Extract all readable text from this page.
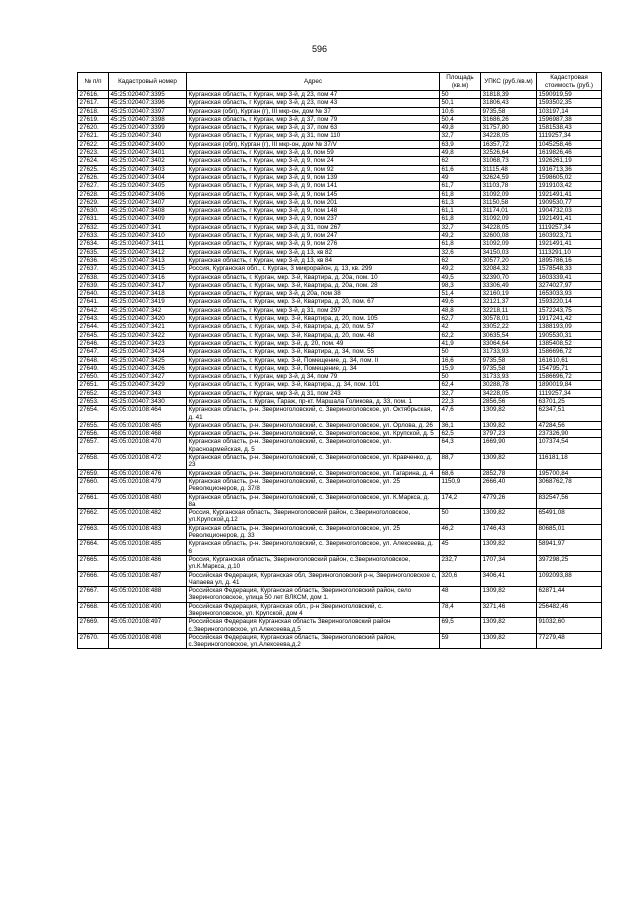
596
№ п/п	Кадастровый номер	Адрес	Площадь (кв.м)	УПКС (руб./кв.м)	Кадастровая стоимость (руб.)
27616.	45:25:020407:3395	Курганская область, г Курган, мкр 3-й, д 23, пом 47	50	31818,39	1590919,59
27617.	45:25:020407:3396	Курганская область, г Курган, мкр 3-й, д 23, пом 43	50,1	31806,43	1593502,35
27618.	45:25:020407:3397	Курганская (обл), Курган (г), III мкр-он, дом № 37	10,6	9735,58	103197,14
27619.	45:25:020407:3398	Курганская область, г Курган, мкр 3-й, д 37, пом 79	50,4	31686,26	1596987,38
27620.	45:25:020407:3399	Курганская область, г Курган, мкр 3-й, д 37, пом 63	49,8	31757,80	1581538,43
27621.	45:25:020407:340	Курганская область, г Курган, мкр 3-й, д 31, пом 110	32,7	34228,05	1119257,34
27622.	45:25:020407:3400	Курганская (обл), Курган (г), III мкр-он, дом № 37/V	63,9	16357,72	1045258,46
27623.	45:25:020407:3401	Курганская область, г Курган, мкр 3-й, д 9, пом 59	49,8	32526,64	1619826,46
27624.	45:25:020407:3402	Курганская область, г Курган, мкр 3-й, д 9, пом 24	62	31068,73	1926261,19
27625.	45:25:020407:3403	Курганская область, г Курган, мкр 3-й, д 9, пом 92	61,6	31115,48	1916713,36
27626.	45:25:020407:3404	Курганская область, г Курган, мкр 3-й, д 9, пом 139	49	32624,59	1598605,02
27627.	45:25:020407:3405	Курганская область, г Курган, мкр 3-й, д 9, пом 141	61,7	31103,78	1919103,42
27628.	45:25:020407:3406	Курганская область, г Курган, мкр 3-й, д 9, пом 145	61,8	31092,09	1921491,41
27629.	45:25:020407:3407	Курганская область, г Курган, мкр 3-й, д 9, пом 201	61,3	31150,58	1909530,77
27630.	45:25:020407:3408	Курганская область, г Курган, мкр 3-й, д 9, пом 148	61,1	31174,01	1904732,03
27631.	45:25:020407:3409	Курганская область, г Курган, мкр 3-й, д 9, пом 237	61,8	31092,09	1921491,41
27632.	45:25:020407:341	Курганская область, г Курган, мкр 3-й, д 31, пом 267	32,7	34228,05	1119257,34
27633.	45:25:020407:3410	Курганская область, г Курган, мкр 3-й, д 9, пом 247	49,2	32600,08	1603923,71
27634.	45:25:020407:3411	Курганская область, г Курган, мкр 3-й, д 9, пом 276	61,8	31092,09	1921491,41
27635.	45:25:020407:3412	Курганская область, г Курган, мкр 3-й, д 13, кв 82	32,6	34150,03	1113291,10
27636.	45:25:020407:3413	Курганская область, г Курган, мкр 3-й, д 13, кв 84	62	30577,20	1895786,16
27637.	45:25:020407:3415	Россия, Курганская обл., г. Курган, 3 микрорайон, д. 13, кв. 299	49,2	32084,32	1578548,33
27638.	45:25:020407:3416	Курганская область, г. Курган, мкр. 3-й, Квартира, д. 20а, пом. 10	49,5	32390,70	1603339,41
27639.	45:25:020407:3417	Курганская область, г. Курган, мкр. 3-й, Квартира, д. 20а, пом. 28	98,3	33306,49	3274027,97
27640.	45:25:020407:3418	Курганская область, г Курган, мкр 3-й, д 20а, пом 38	51,4	32160,19	1653033,93
27641.	45:25:020407:3419	Курганская область, г. Курган, мкр. 3-й, Квартира, д. 20, пом. 67	49,6	32121,37	1593220,14
27642.	45:25:020407:342	Курганская область, г Курган, мкр 3-й, д 31, пом 297	48,8	32218,11	1572243,75
27643.	45:25:020407:3420	Курганская область, г. Курган, мкр. 3-й, Квартира, д. 20, пом. 105	62,7	30578,01	1917241,42
27644.	45:25:020407:3421	Курганская область, г. Курган, мкр. 3-й, Квартира, д. 20, пом. 57	42	33052,22	1388193,09
27645.	45:25:020407:3422	Курганская область, г. Курган, мкр. 3-й, Квартира, д. 20, пом. 48	62,2	30635,54	1905530,31
27646.	45:25:020407:3423	Курганская область, г. Курган, мкр. 3-й, д. 20, пом. 49	41,9	33064,64	1385408,52
27647.	45:25:020407:3424	Курганская область, г. Курган, мкр. 3-й, Квартира, д. 34, пом. 55	50	31733,93	1586696,72
27648.	45:25:020407:3425	Курганская область, г. Курган, мкр. 3-й, Помещение, д. 34, пом. II	16,6	9735,58	161610,61
27649.	45:25:020407:3426	Курганская область, г. Курган, мкр. 3-й, Помещение, д. 34	15,9	9735,58	154795,71
27650.	45:25:020407:3427	Курганская область, г Курган, мкр 3-й, д 34, пом 79	50	31733,93	1586696,72
27651.	45:25:020407:3429	Курганская область, г. Курган, мкр. 3-й, Квартира., д. 34, пом. 101	62,4	30288,78	1890019,84
27652.	45:25:020407:343	Курганская область, г Курган, мкр 3-й, д 31, пом 243	32,7	34228,05	1119257,34
27653.	45:25:020407:3430	Курганская область, г. Курган, Гараж, пр-кт. Маршала Голикова, д. 33, пом. 1	22,3	2856,56	63701,25
27654.	45:05:020108:464	Курганская область, р-н. Звериноголовский, с. Звериноголовское, ул. Октябрьская, д. 41	47,6	1309,82	62347,51
27655.	45:05:020108:465	Курганская область, р-н. Звериноголовский, с. Звериноголовское, ул. Орлова, д. 26	36,1	1309,82	47284,56
27656.	45:05:020108:468	Курганская область, р-н. Звериноголовский, с. Звериноголовское, ул. Крупской, д. 5	62,5	3797,23	237326,90
27657.	45:05:020108:470	Курганская область, р-н. Звериноголовский, с. Звериноголовское, ул. Красноармейская, д. 5	64,3	1669,90	107374,54
27658.	45:05:020108:472	Курганская область, р-н. Звериноголовский, с. Звериноголовское, ул. Кравченко, д. 23	88,7	1309,82	116181,18
27659.	45:05:020108:476	Курганская область, р-н. Звериноголовский, с. Звериноголовское, ул. Гагарина, д. 4	68,6	2852,78	195700,84
27660.	45:05:020108:479	Курганская область, р-н. Звериноголовский, с. Звериноголовское, ул. 25 Револкционеров, д. 37/8	1150,9	2666,40	3068762,78
27661.	45:05:020108:480	Курганская область, р-н. Звериноголовский, с. Звериноголовское, ул. К.Маркса, д. 8а	174,2	4779,26	832547,56
27662.	45:05:020108:482	Россия, Курганская область, Звериноголовский район, с.Звериноголовское, ул.Крупской,д.12	50	1309,82	65491,08
27663.	45:05:020108:483	Курганская область, р-н. Звериноголовский, с. Звериноголовское, ул. 25 Револкционеров, д. 33	46,2	1746,43	80685,01
27664.	45:05:020108:485	Курганская область, р-н. Звериноголовский, с. Звериноголовское, ул. Алексеева, д. 6	45	1309,82	58941,97
27665.	45:05:020108:486	Россия, Курганская область, Звериноголовский район, с.Звериноголовское, ул.К.Маркса, д.10	232,7	1707,34	397298,25
27666.	45:05:020108:487	Российская Федерация, Курганская обл, Звериноголовский р-н, Звериноголовское с, Чапаева ул, д. 41	320,6	3406,41	1092093,88
27667.	45:05:020108:488	Российская Федерация, Курганская область, Звериноголовский район, село Звериноголовское, улица 50 лет ВЛКСМ, дом 1.	48	1309,82	62871,44
27668.	45:05:020108:490	Российская Федерация, Курганская обл., р-н Звериноголовский, с. Звериноголовское, ул. Крупской, дом 4	78,4	3271,46	256482,46
27669.	45:05:020108:497	Российская Федерация Курганская область Звериноголовский район с.Звериноголовское, ул.Алексеева,д.5	69,5	1309,82	91032,60
27670.	45:05:020108:498	Российская Федерация, Курганская область, Звериноголовский район, с.Звериноголовское, ул.Алексеева,д.2	59	1309,82	77279,48
